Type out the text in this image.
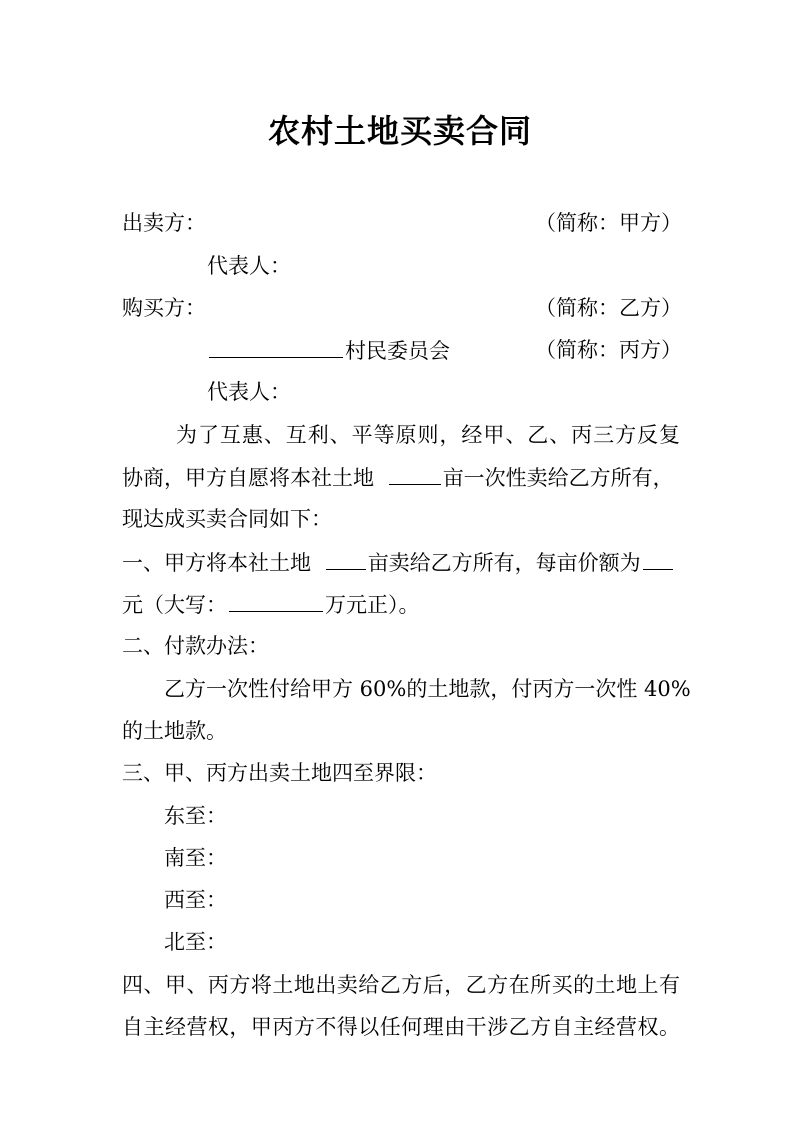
农村土地买卖合同
出卖方：	（简称：甲方）
代表人：
购买方：	（简称：乙方）
村民委员会	（简称：丙方）
代表人：
为了互惠、互利、平等原则，经甲、乙、丙三方反复
协商，甲方自愿将本社土地	亩一次性卖给乙方所有，
现达成买卖合同如下：
一、甲方将本社土地	亩卖给乙方所有，每亩价额为
元（大写：	万元正）。
二、付款办法：
乙方一次性付给甲方 60%的土地款，付丙方一次性 40%
的土地款。
三、甲、丙方出卖土地四至界限：
东至：
南至：
西至：
北至：
四、甲、丙方将土地出卖给乙方后，乙方在所买的土地上有
自主经营权，甲丙方不得以任何理由干涉乙方自主经营权。
